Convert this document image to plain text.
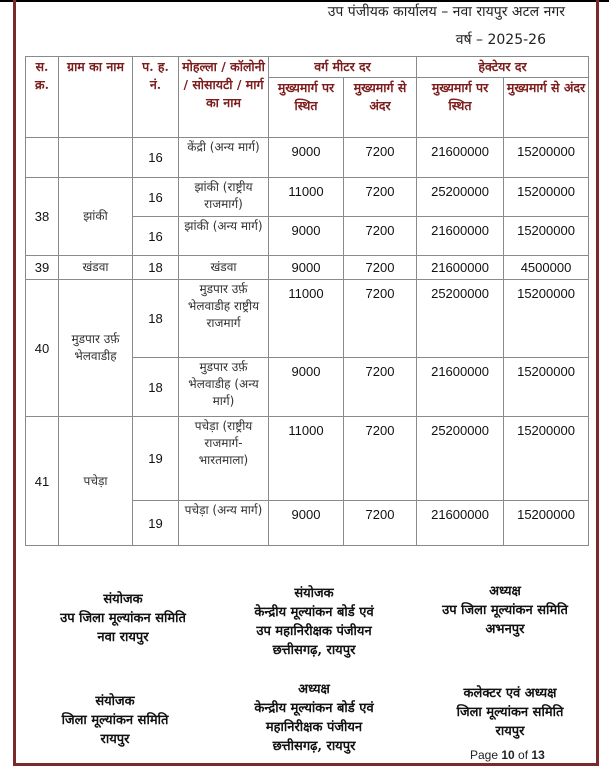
उप पंजीयक कार्यालय – नवा रायपुर अटल नगर
वर्ष – 2025-26
स. क्र.	ग्राम का नाम	प. ह. नं.	मोहल्ला / कॉलोनी / सोसायटी / मार्ग का नाम	वर्ग मीटर दर		हेक्टेयर दर	
				मुख्यमार्ग पर स्थित	मुख्यमार्ग से अंदर	मुख्यमार्ग पर स्थित	मुख्यमार्ग से अंदर
		16	केंद्री (अन्य मार्ग)	9000	7200	21600000	15200000
38	झांकी	16	झांकी (राष्ट्रीय राजमार्ग)	11000	7200	25200000	15200000
		16	झांकी (अन्य मार्ग)	9000	7200	21600000	15200000
39	खंडवा	18	खंडवा	9000	7200	21600000	4500000
40	मुडपार उर्फ़ भेलवाडीह	18	मुडपार उर्फ़ भेलवाडीह राष्ट्रीय राजमार्ग	11000	7200	25200000	15200000
		18	मुडपार उर्फ़ भेलवाडीह (अन्य मार्ग)	9000	7200	21600000	15200000
41	पचेड़ा	19	पचेड़ा (राष्ट्रीय राजमार्ग-भारतमाला)	11000	7200	25200000	15200000
		19	पचेड़ा (अन्य मार्ग)	9000	7200	21600000	15200000
संयोजक
उप जिला मूल्यांकन समिति
नवा रायपुर
संयोजक
केन्द्रीय मूल्यांकन बोर्ड एवं
उप महानिरीक्षक पंजीयन
छत्तीसगढ़, रायपुर
अध्यक्ष
उप जिला मूल्यांकन समिति
अभनपुर
संयोजक
जिला मूल्यांकन समिति
रायपुर
अध्यक्ष
केन्द्रीय मूल्यांकन बोर्ड एवं
महानिरीक्षक पंजीयन
छत्तीसगढ़, रायपुर
कलेक्टर एवं अध्यक्ष
जिला मूल्यांकन समिति
रायपुर
Page 10 of 13
